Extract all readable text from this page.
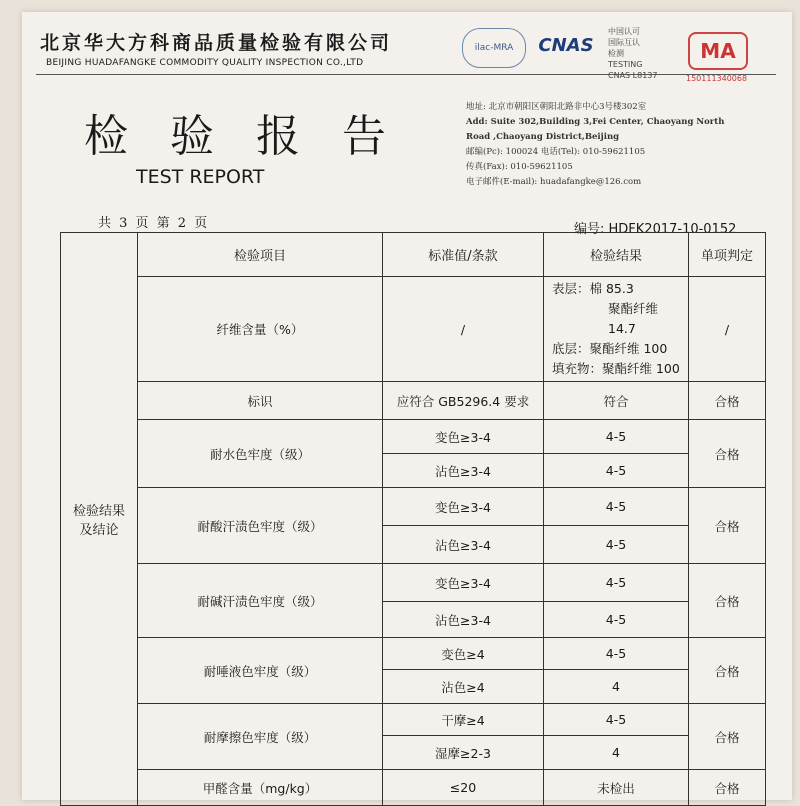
北京华大方科商品质量检验有限公司
BEIJING HUADAFANGKE COMMODITY QUALITY INSPECTION CO.,LTD
ilac-MRA	CNAS
中国认可
国际互认
检测
TESTING
CNAS L8137
MA
150111340068
检 验 报 告
TEST REPORT
地址: 北京市朝阳区朝阳北路非中心3号楼302室
Add: Suite 302,Building 3,Fei Center, Chaoyang North
Road ,Chaoyang District,Beijing
邮编(Pc): 100024 电话(Tel): 010-59621105
传真(Fax): 010-59621105
电子邮件(E-mail): huadafangke@126.com
共 3 页 第 2 页	编号: HDFK2017-10-0152
检验结果
及结论	检验项目	标准值/条款	检验结果	单项判定
	纤维含量（%）	/	表层：棉 85.3
聚酯纤维 14.7
底层：聚酯纤维 100
填充物：聚酯纤维 100	/
	标识	应符合 GB5296.4 要求	符合	合格
	耐水色牢度（级）	变色≥3-4	4-5	合格
		沾色≥3-4	4-5	
	耐酸汗渍色牢度（级）	变色≥3-4	4-5	合格
		沾色≥3-4	4-5	
	耐碱汗渍色牢度（级）	变色≥3-4	4-5	合格
		沾色≥3-4	4-5	
	耐唾液色牢度（级）	变色≥4	4-5	合格
		沾色≥4	4	
	耐摩擦色牢度（级）	干摩≥4	4-5	合格
		湿摩≥2-3	4	
	甲醛含量（mg/kg）	≤20	未检出	合格
